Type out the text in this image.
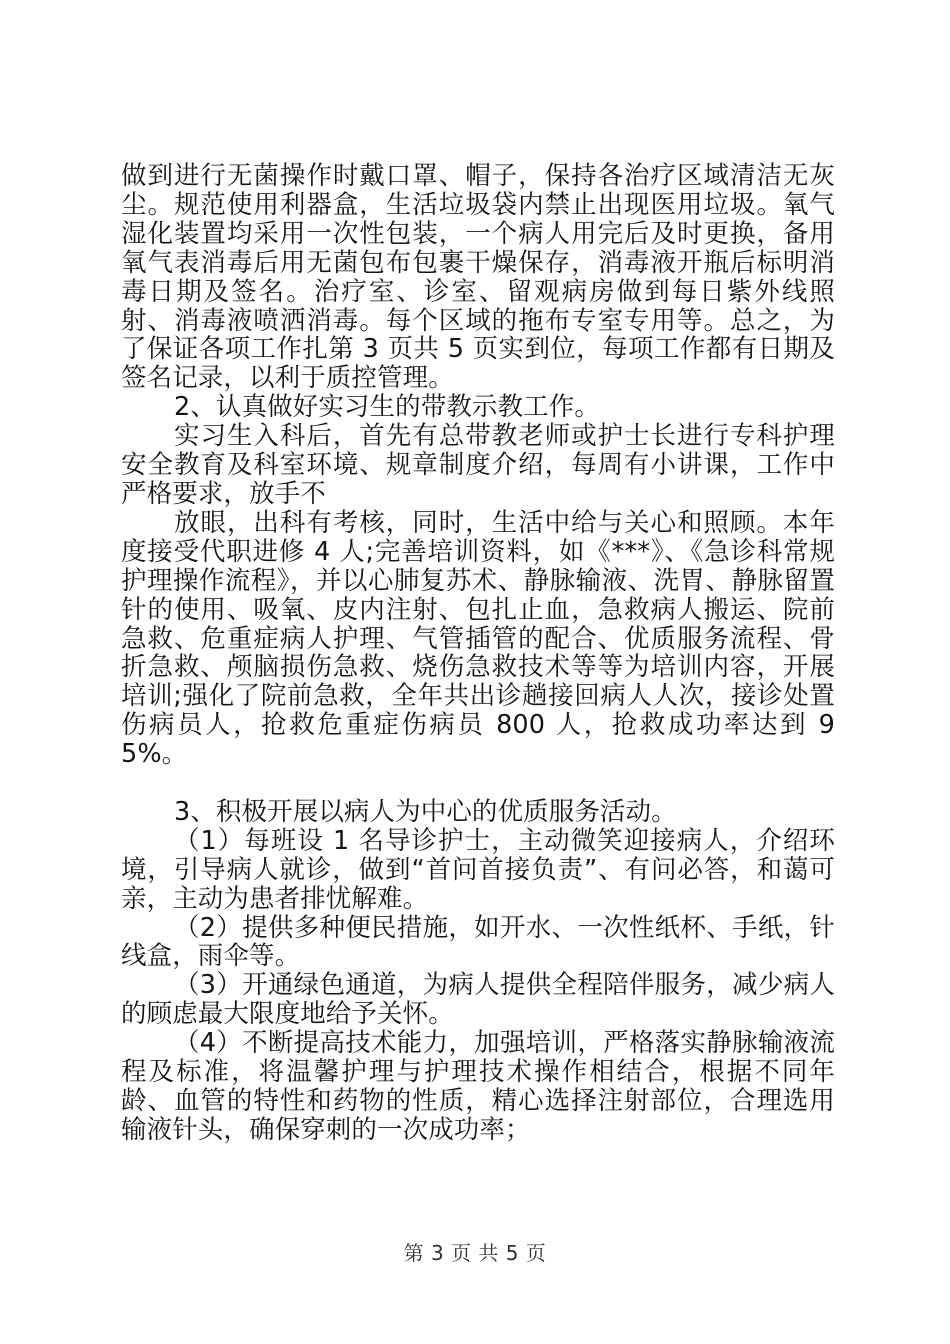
做到进行无菌操作时戴口罩、帽子，保持各治疗区域清洁无灰尘。规范使用利器盒，生活垃圾袋内禁止出现医用垃圾。氧气湿化装置均采用一次性包装，一个病人用完后及时更换，备用氧气表消毒后用无菌包布包裹干燥保存，消毒液开瓶后标明消毒日期及签名。治疗室、诊室、留观病房做到每日紫外线照射、消毒液喷洒消毒。每个区域的拖布专室专用等。总之，为了保证各项工作扎第 3 页共 5 页实到位，每项工作都有日期及签名记录，以利于质控管理。

2、认真做好实习生的带教示教工作。

实习生入科后，首先有总带教老师或护士长进行专科护理安全教育及科室环境、规章制度介绍，每周有小讲课，工作中严格要求，放手不

放眼，出科有考核，同时，生活中给与关心和照顾。本年度接受代职进修 4 人;完善培训资料，如《***》、《急诊科常规护理操作流程》，并以心肺复苏术、静脉输液、洗胃、静脉留置针的使用、吸氧、皮内注射、包扎止血，急救病人搬运、院前急救、危重症病人护理、气管插管的配合、优质服务流程、骨折急救、颅脑损伤急救、烧伤急救技术等等为培训内容，开展培训;强化了院前急救，全年共出诊趟接回病人人次，接诊处置伤病员人，抢救危重症伤病员 800 人，抢救成功率达到 95%。

3、积极开展以病人为中心的优质服务活动。

（1）每班设 1 名导诊护士，主动微笑迎接病人，介绍环境，引导病人就诊，做到“首问首接负责”、有问必答，和蔼可亲，主动为患者排忧解难。

（2）提供多种便民措施，如开水、一次性纸杯、手纸，针线盒，雨伞等。

（3）开通绿色通道，为病人提供全程陪伴服务，减少病人的顾虑最大限度地给予关怀。

（4）不断提高技术能力，加强培训，严格落实静脉输液流程及标准，将温馨护理与护理技术操作相结合，根据不同年龄、血管的特性和药物的性质，精心选择注射部位，合理选用输液针头，确保穿刺的一次成功率；

第 3 页 共 5 页
